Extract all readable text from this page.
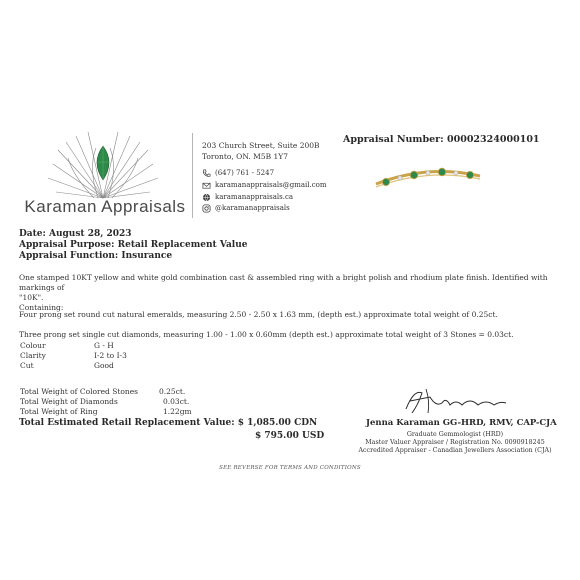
Karaman Appraisals
203 Church Street, Suite 200B
Toronto, ON. M5B 1Y7
(647) 761 - 5247
karamanappraisals@gmail.com
karamanappraisals.ca
@karamanappraisals
Appraisal Number: 00002324000101
Date: August 28, 2023
Appraisal Purpose: Retail Replacement Value
Appraisal Function: Insurance
One stamped 10KT yellow and white gold combination cast & assembled ring with a bright polish and rhodium plate finish. Identified with markings of
"10K".
Containing:
Four prong set round cut natural emeralds, measuring 2.50 - 2.50 x 1.63 mm, (depth est.) approximate total weight of 0.25ct.
Three prong set single cut diamonds, measuring 1.00 - 1.00 x 0.60mm (depth est.) approximate total weight of 3 Stones = 0.03ct.
Colour	G - H
Clarity	I-2 to I-3
Cut	Good
Total Weight of Colored Stones	0.25ct.
Total Weight of Diamonds	0.03ct.
Total Weight of Ring	1.22gm
Total Estimated Retail Replacement Value: $ 1,085.00 CDN
$ 795.00 USD
Jenna Karaman GG-HRD, RMV, CAP-CJA
Graduate Gemmologist (HRD)
Master Valuer Appraiser / Registration No. 0090918245
Accredited Appraiser - Canadian Jewellers Association (CJA)
SEE REVERSE FOR TERMS AND CONDITIONS
